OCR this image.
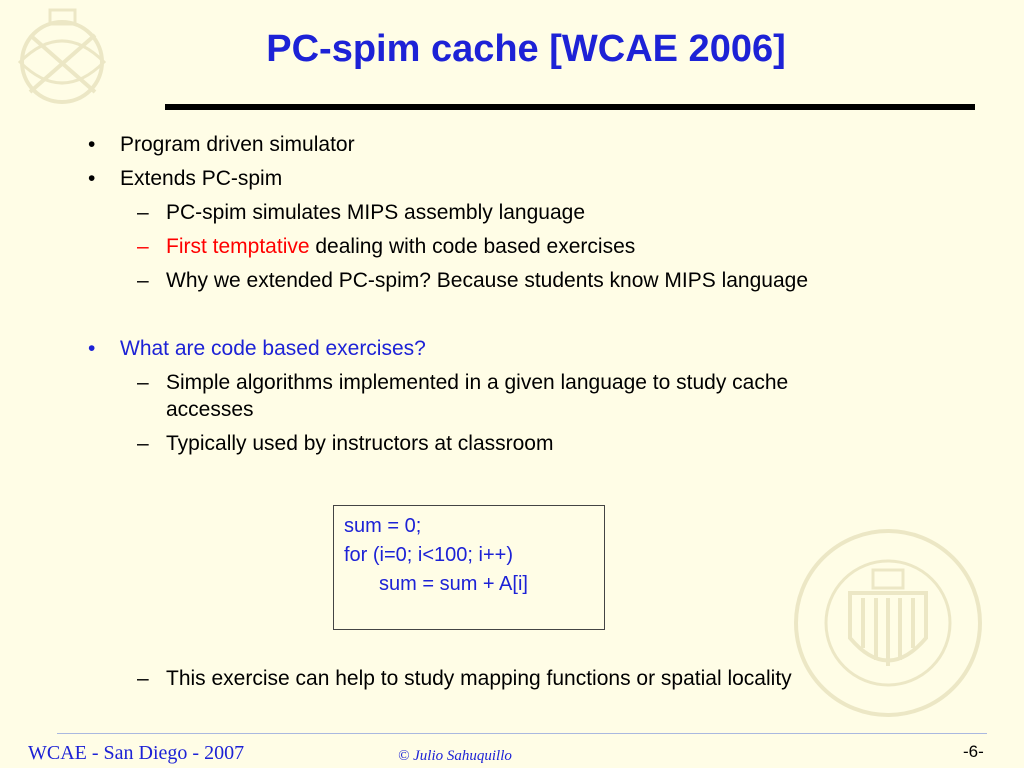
PC-spim cache [WCAE 2006]
• Program driven simulator
• Extends PC-spim
– PC-spim simulates MIPS assembly language
– First temptative dealing with code based exercises
– Why we extended PC-spim? Because students know MIPS language
• What are code based exercises?
– Simple algorithms implemented in a given language to study cache
accesses
– Typically used by instructors at classroom
– This exercise can help to study mapping functions or spatial locality
sum = 0;
for (i=0; i<100; i++)
sum = sum + A[i]
WCAE - San Diego - 2007	© Julio Sahuquillo	-6-
